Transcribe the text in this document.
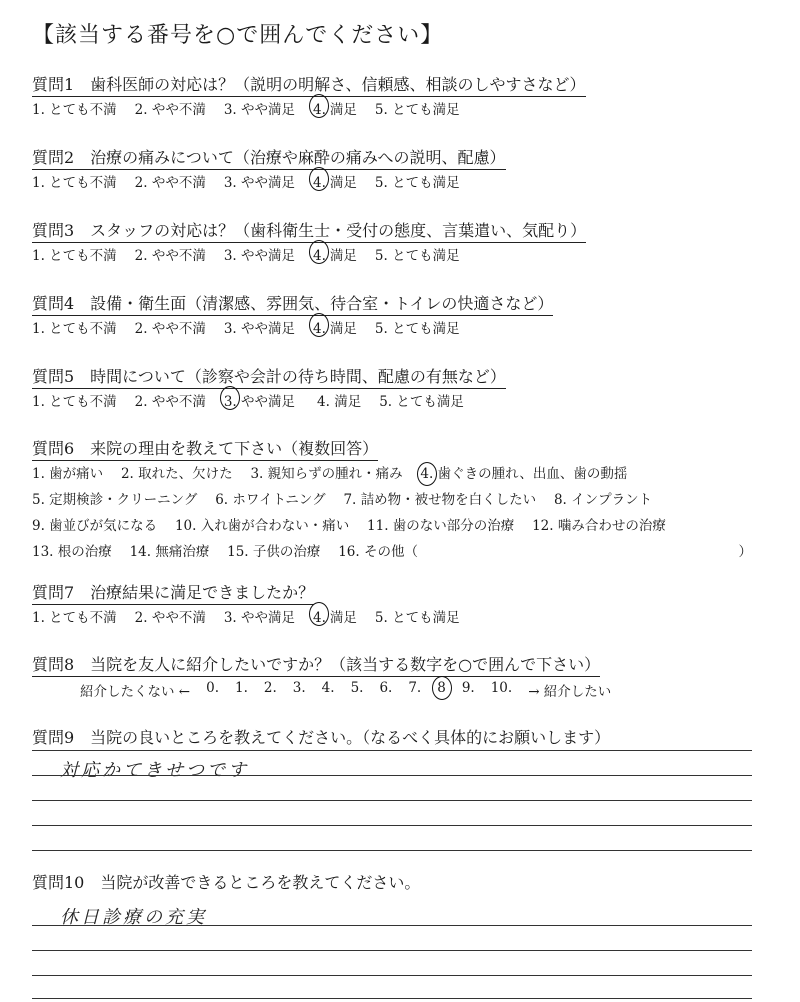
【該当する番号を○で囲んでください】
質問1　歯科医師の対応は？（説明の明解さ、信頼感、相談のしやすさなど）
1. とても不満 2. やや不満 3. やや満足 4. 満足 5. とても満足
質問2　治療の痛みについて（治療や麻酔の痛みへの説明、配慮）
1. とても不満 2. やや不満 3. やや満足 4. 満足 5. とても満足
質問3　スタッフの対応は？（歯科衛生士・受付の態度、言葉遣い、気配り）
1. とても不満 2. やや不満 3. やや満足 4. 満足 5. とても満足
質問4　設備・衛生面（清潔感、雰囲気、待合室・トイレの快適さなど）
1. とても不満 2. やや不満 3. やや満足 4. 満足 5. とても満足
質問5　時間について（診察や会計の待ち時間、配慮の有無など）
1. とても不満 2. やや不満 3. やや満足 4. 満足 5. とても満足
質問6　来院の理由を教えて下さい（複数回答）
1. 歯が痛い　 2. 取れた、欠けた　 3. 親知らずの腫れ・痛み　 4. 歯ぐきの腫れ、出血、歯の動揺
5. 定期検診・クリーニング　 6. ホワイトニング　 7. 詰め物・被せ物を白くしたい　 8. インプラント
9. 歯並びが気になる　 10. 入れ歯が合わない・痛い　 11. 歯のない部分の治療　 12. 噛み合わせの治療
13. 根の治療　 14. 無痛治療　 15. 子供の治療　 16. その他（	）
質問7　治療結果に満足できましたか？
1. とても不満 2. やや不満 3. やや満足 4. 満足 5. とても満足
質問8　当院を友人に紹介したいですか？（該当する数字を○で囲んで下さい）
紹介したくない ← 0. 1. 2. 3. 4. 5. 6. 7. 8 9. 10. → 紹介したい
質問9　当院の良いところを教えてください。（なるべく具体的にお願いします）
対応かてきせつです
質問10　当院が改善できるところを教えてください。
休日診療の充実
